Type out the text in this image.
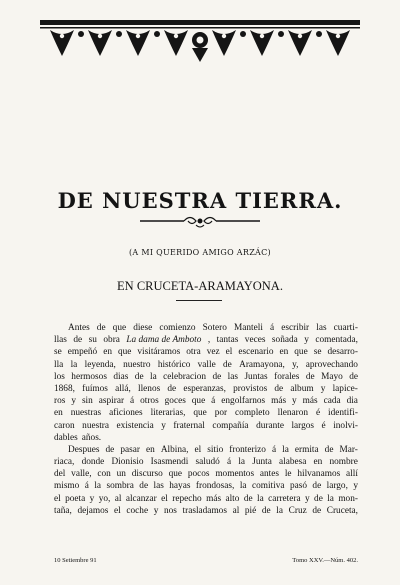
DE NUESTRA TIERRA.
(A MI QUERIDO AMIGO ARZÁC)
EN CRUCETA-ARAMAYONA.
Antes de que diese comienzo Sotero Manteli á escribir las cuarti-
llas de su obra La dama de Amboto , tantas veces soñada y comentada,
se empeñó en que visitáramos otra vez el escenario en que se desarro-
lla la leyenda, nuestro histórico valle de Aramayona, y, aprovechando
los hermosos dias de la celebracion de las Juntas forales de Mayo de
1868, fuímos allá, llenos de esperanzas, provistos de album y lapice-
ros y sin aspirar á otros goces que á engolfarnos más y más cada dia
en nuestras aficiones literarias, que por completo llenaron é identifi-
caron nuestra existencia y fraternal compañía durante largos é inolvi-
dables años.
Despues de pasar en Albina, el sitio fronterizo á la ermita de Mar-
riaca, donde Dionisio Isasmendi saludó á la Junta alabesa en nombre
del valle, con un discurso que pocos momentos antes le hilvanamos allí
mismo á la sombra de las hayas frondosas, la comitiva pasó de largo, y
el poeta y yo, al alcanzar el repecho más alto de la carretera y de la mon-
taña, dejamos el coche y nos trasladamos al pié de la Cruz de Cruceta,
10 Setiembre 91	Tomo XXV.—Núm. 402.
